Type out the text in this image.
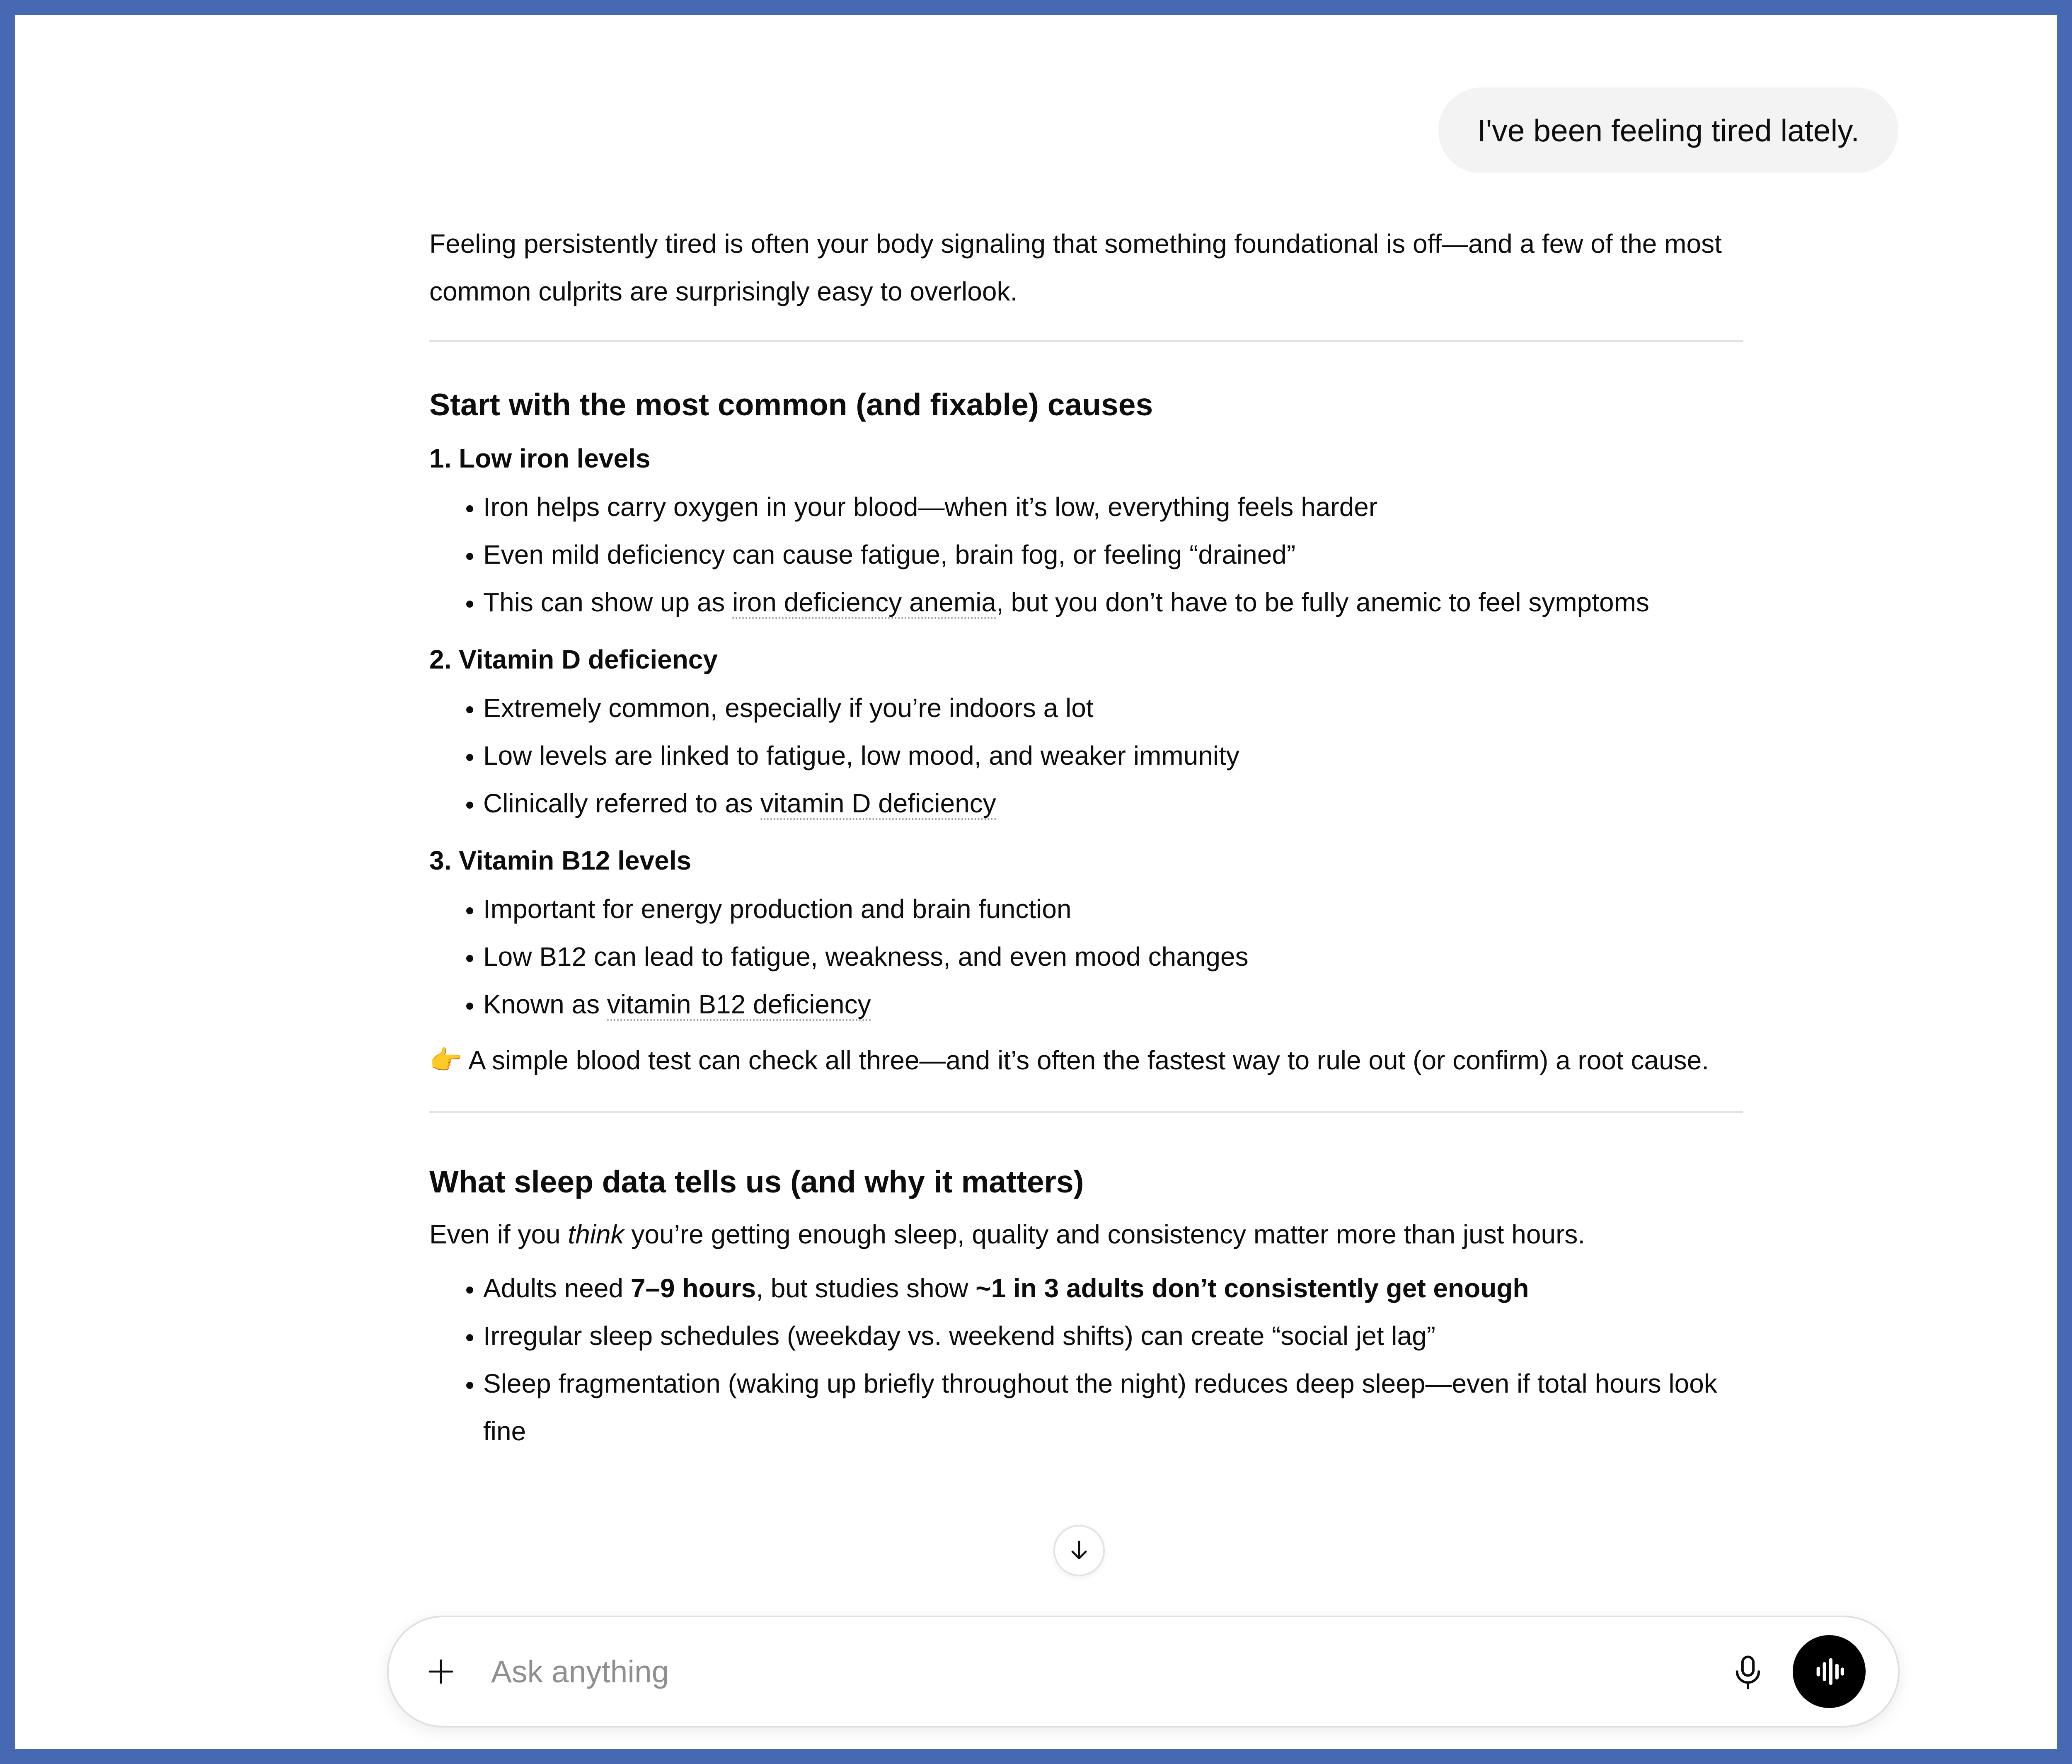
I've been feeling tired lately.

Feeling persistently tired is often your body signaling that something foundational is off—and a few of the most common culprits are surprisingly easy to overlook.

Start with the most common (and fixable) causes
1. Low iron levels
• Iron helps carry oxygen in your blood—when it’s low, everything feels harder
• Even mild deficiency can cause fatigue, brain fog, or feeling “drained”
• This can show up as iron deficiency anemia, but you don’t have to be fully anemic to feel symptoms
2. Vitamin D deficiency
• Extremely common, especially if you’re indoors a lot
• Low levels are linked to fatigue, low mood, and weaker immunity
• Clinically referred to as vitamin D deficiency
3. Vitamin B12 levels
• Important for energy production and brain function
• Low B12 can lead to fatigue, weakness, and even mood changes
• Known as vitamin B12 deficiency

👉 A simple blood test can check all three—and it’s often the fastest way to rule out (or confirm) a root cause.

What sleep data tells us (and why it matters)

Even if you think you’re getting enough sleep, quality and consistency matter more than just hours.

• Adults need 7–9 hours, but studies show ~1 in 3 adults don’t consistently get enough
• Irregular sleep schedules (weekday vs. weekend shifts) can create “social jet lag”
• Sleep fragmentation (waking up briefly throughout the night) reduces deep sleep—even if total hours look fine
Ask anything
